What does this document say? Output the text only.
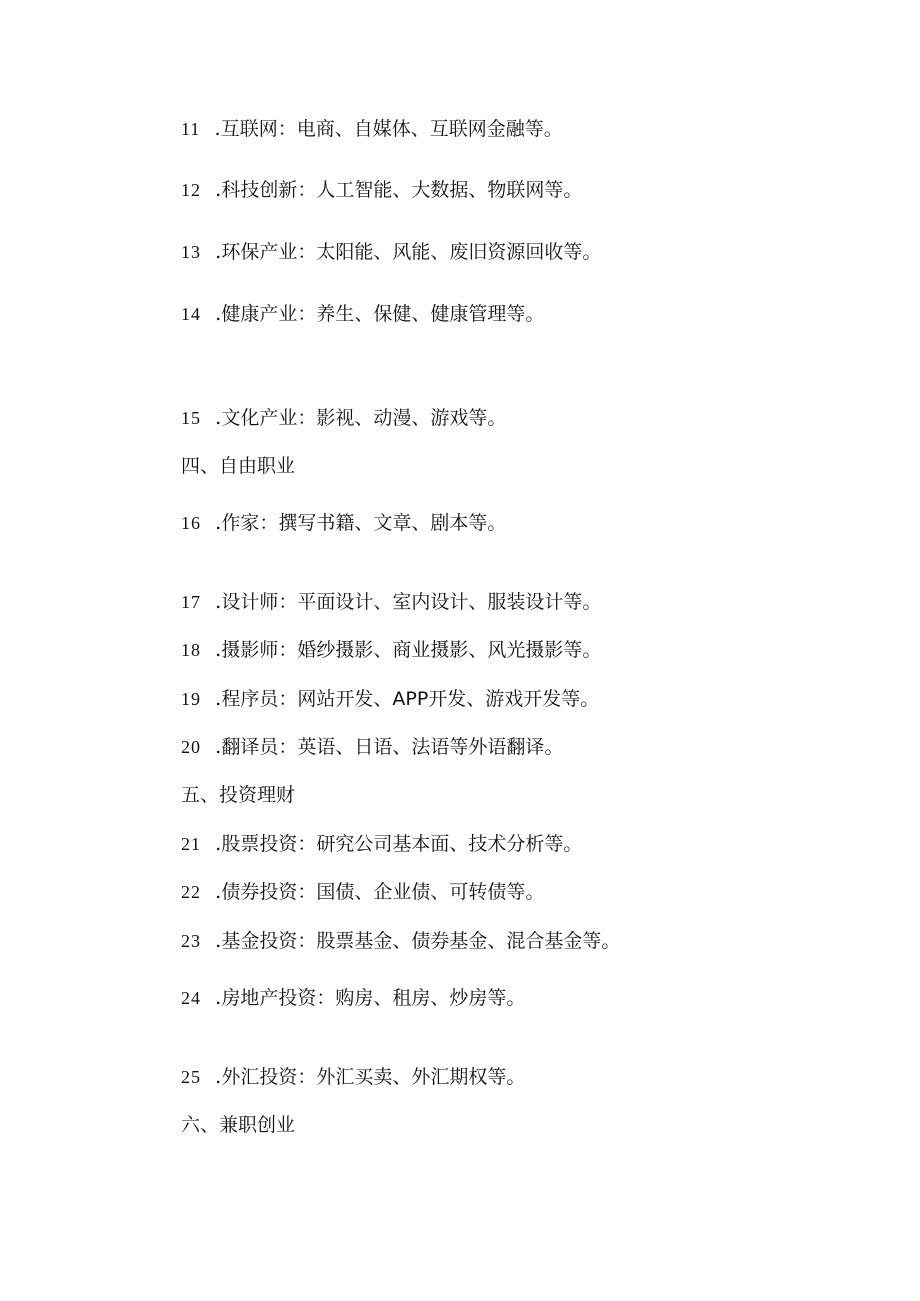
11 .互联网：电商、自媒体、互联网金融等。
12 .科技创新：人工智能、大数据、物联网等。
13 .环保产业：太阳能、风能、废旧资源回收等。
14 .健康产业：养生、保健、健康管理等。
15 .文化产业：影视、动漫、游戏等。
四、自由职业
16 .作家：撰写书籍、文章、剧本等。
17 .设计师：平面设计、室内设计、服装设计等。
18 .摄影师：婚纱摄影、商业摄影、风光摄影等。
19 .程序员：网站开发、APP开发、游戏开发等。
20 .翻译员：英语、日语、法语等外语翻译。
五、投资理财
21 .股票投资：研究公司基本面、技术分析等。
22 .债券投资：国债、企业债、可转债等。
23 .基金投资：股票基金、债券基金、混合基金等。
24 .房地产投资：购房、租房、炒房等。
25 .外汇投资：外汇买卖、外汇期权等。
六、兼职创业
